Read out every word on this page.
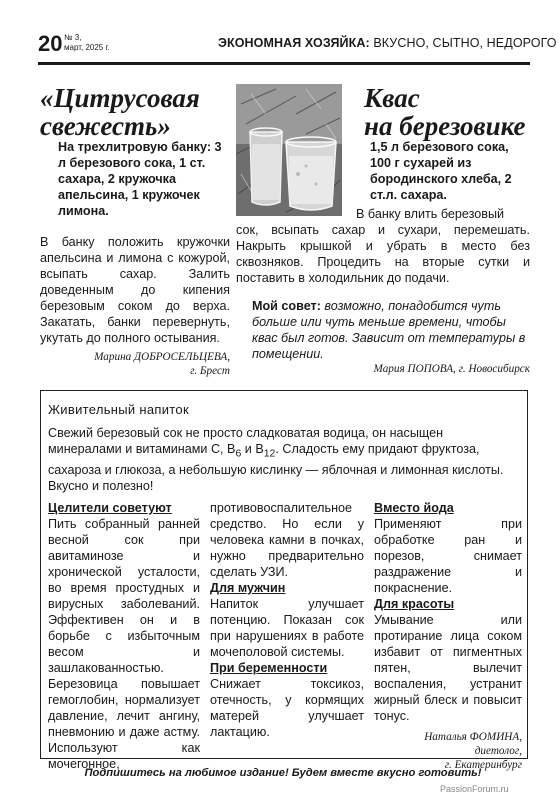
20 № 3,
март, 2025 г.	ЭКОНОМНАЯ ХОЗЯЙКА: ВКУСНО, СЫТНО, НЕДОРОГО
«Цитрусовая
свежесть»
На трехлитровую банку: 3 л березового сока, 1 ст. сахара, 2 кружочка апельсина, 1 кружочек лимона.
В банку положить кружочки апельсина и лимона с кожурой, всыпать сахар. Залить доведенным до кипения березовым соком до верха. Закатать, банки перевернуть, укутать до полного остывания.
Марина ДОБРОСЕЛЬЦЕВА,
г. Брест
Квас
на березовике
1,5 л березового сока, 100 г сухарей из бородинского хлеба, 2 ст.л. сахара.
В банку влить березовый
сок, всыпать сахар и сухари, перемешать. Накрыть крышкой и убрать в место без сквозняков. Процедить на вторые сутки и поставить в холодильник до подачи.
Мой совет: возможно, понадобится чуть больше или чуть меньше времени, чтобы квас был готов. Зависит от температуры в помещении.
Мария ПОПОВА, г. Новосибирск
Живительный напиток
Свежий березовый сок не просто сладковатая водица, он насыщен минералами и витаминами С, $В_6$ и $В_{12}$. Сладость ему придают фруктоза, сахароза и глюкоза, а небольшую кислинку — яблочная и лимонная кислоты. Вкусно и полезно!
Целители советуют

Пить собранный ранней весной сок при авитаминозе и хронической усталости, во время простудных и вирусных заболеваний. Эффективен он и в борьбе с избыточным весом и зашлакованностью. Березовица повышает гемоглобин, нормализует давление, лечит ангину, пневмонию и даже астму. Используют как мочегонное,

противовоспалительное средство. Но если у человека камни в почках, нужно предварительно сделать УЗИ.

Для мужчин

Напиток улучшает потенцию. Показан сок при нарушениях в работе мочеполовой системы.

При беременности

Снижает токсикоз, отечность, у кормящих матерей улучшает лактацию.

Вместо йода

Применяют при обработке ран и порезов, снимает раздражение и покраснение.

Для красоты

Умывание или протирание лица соком избавит от пигментных пятен, вылечит воспаления, устранит жирный блеск и повысит тонус.

Наталья ФОМИНА,
диетолог,
г. Екатеринбург
Подпишитесь на любимое издание! Будем вместе вкусно готовить!
PassionForum.ru
